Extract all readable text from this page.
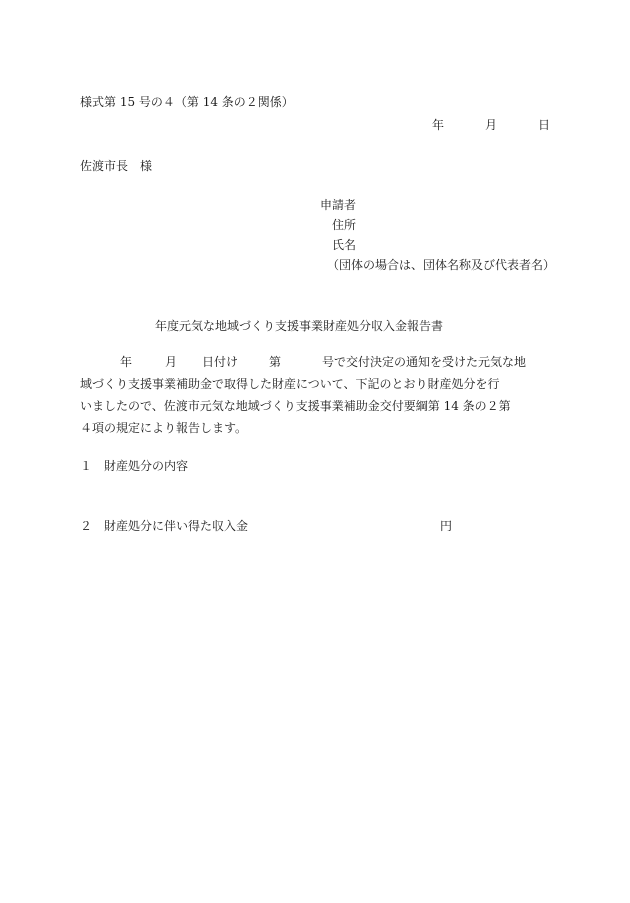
様式第 15 号の４（第 14 条の２関係）
年	月	日
佐渡市長　様
申請者
住所
氏名
（団体の場合は、団体名称及び代表者名）
年度元気な地域づくり支援事業財産処分収入金報告書
年	月 日付け	第	号で交付決定の通知を受けた元気な地
域づくり支援事業補助金で取得した財産について、下記のとおり財産処分を行
いましたので、佐渡市元気な地域づくり支援事業補助金交付要綱第 14 条の２第
４項の規定により報告します。
１ 財産処分の内容
２ 財産処分に伴い得た収入金	円
